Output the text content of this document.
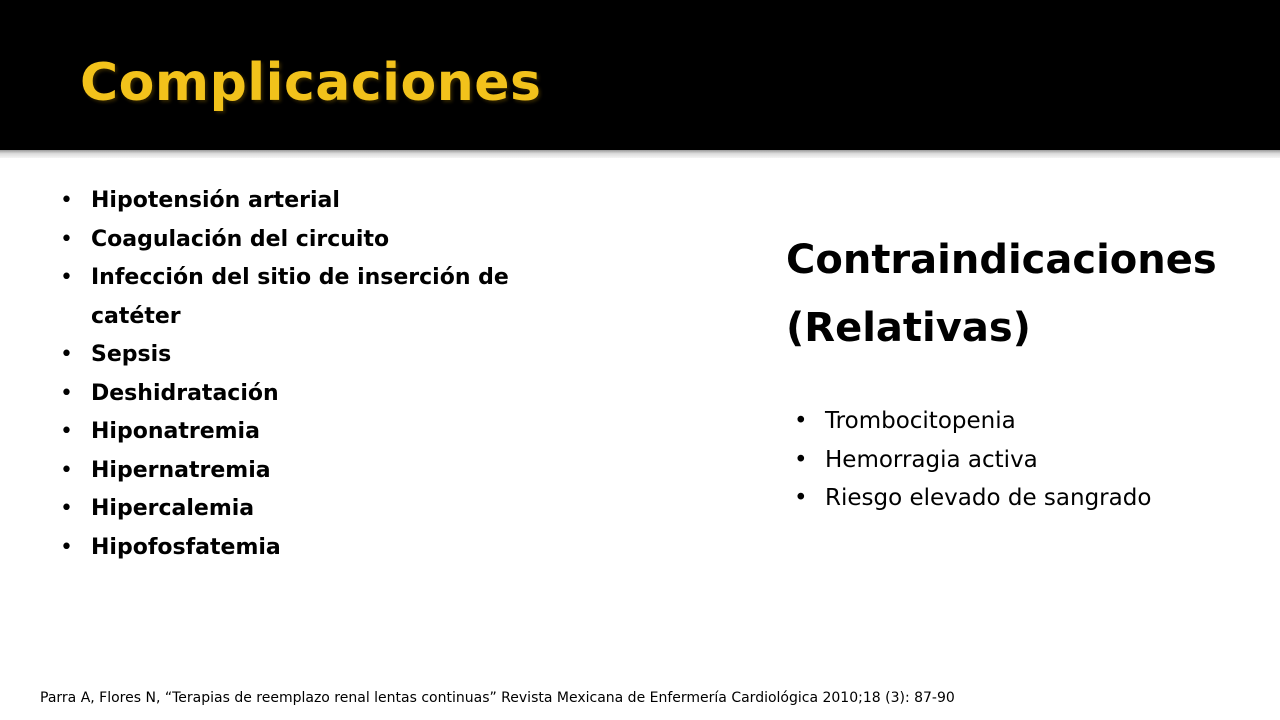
Complicaciones
• Hipotensión arterial
• Coagulación del circuito
• Infección del sitio de inserción de catéter
• Sepsis
• Deshidratación
• Hiponatremia
• Hipernatremia
• Hipercalemia
• Hipofosfatemia
Contraindicaciones
(Relativas)
• Trombocitopenia
• Hemorragia activa
• Riesgo elevado de sangrado

Parra A, Flores N, “Terapias de reemplazo renal lentas continuas” Revista Mexicana de Enfermería Cardiológica 2010;18 (3): 87-90
